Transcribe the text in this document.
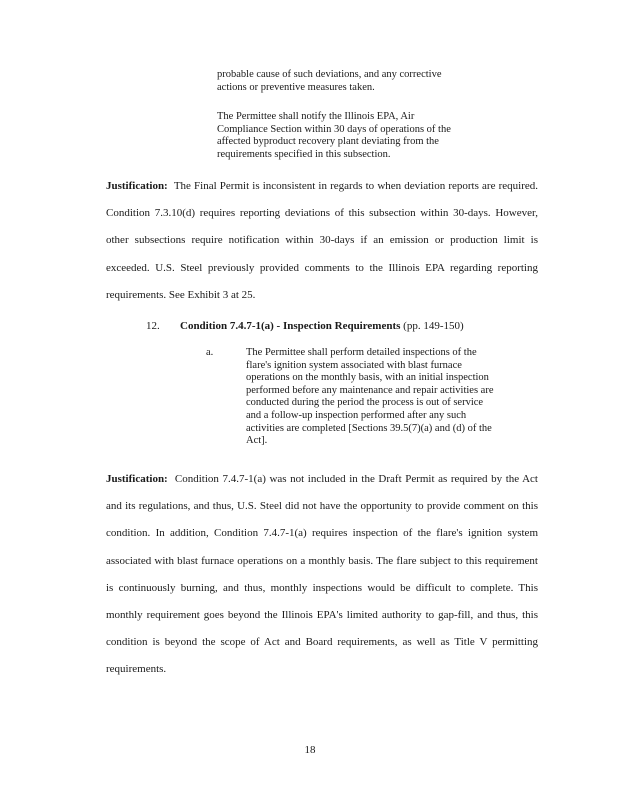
probable cause of such deviations, and any corrective
actions or preventive measures taken.
The Permittee shall notify the Illinois EPA, Air
Compliance Section within 30 days of operations of the
affected byproduct recovery plant deviating from the
requirements specified in this subsection.
Justification: The Final Permit is inconsistent in regards to when deviation reports are required. Condition 7.3.10(d) requires reporting deviations of this subsection within 30-days. However, other subsections require notification within 30-days if an emission or production limit is exceeded. U.S. Steel previously provided comments to the Illinois EPA regarding reporting requirements. See Exhibit 3 at 25.
12. Condition 7.4.7-1(a) - Inspection Requirements (pp. 149-150)
a.	The Permittee shall perform detailed inspections of the
flare's ignition system associated with blast furnace
operations on the monthly basis, with an initial inspection
performed before any maintenance and repair activities are
conducted during the period the process is out of service
and a follow-up inspection performed after any such
activities are completed [Sections 39.5(7)(a) and (d) of the
Act].
Justification: Condition 7.4.7-1(a) was not included in the Draft Permit as required by the Act and its regulations, and thus, U.S. Steel did not have the opportunity to provide comment on this condition. In addition, Condition 7.4.7-1(a) requires inspection of the flare's ignition system associated with blast furnace operations on a monthly basis. The flare subject to this requirement is continuously burning, and thus, monthly inspections would be difficult to complete. This monthly requirement goes beyond the Illinois EPA's limited authority to gap-fill, and thus, this condition is beyond the scope of Act and Board requirements, as well as Title V permitting requirements.
18
